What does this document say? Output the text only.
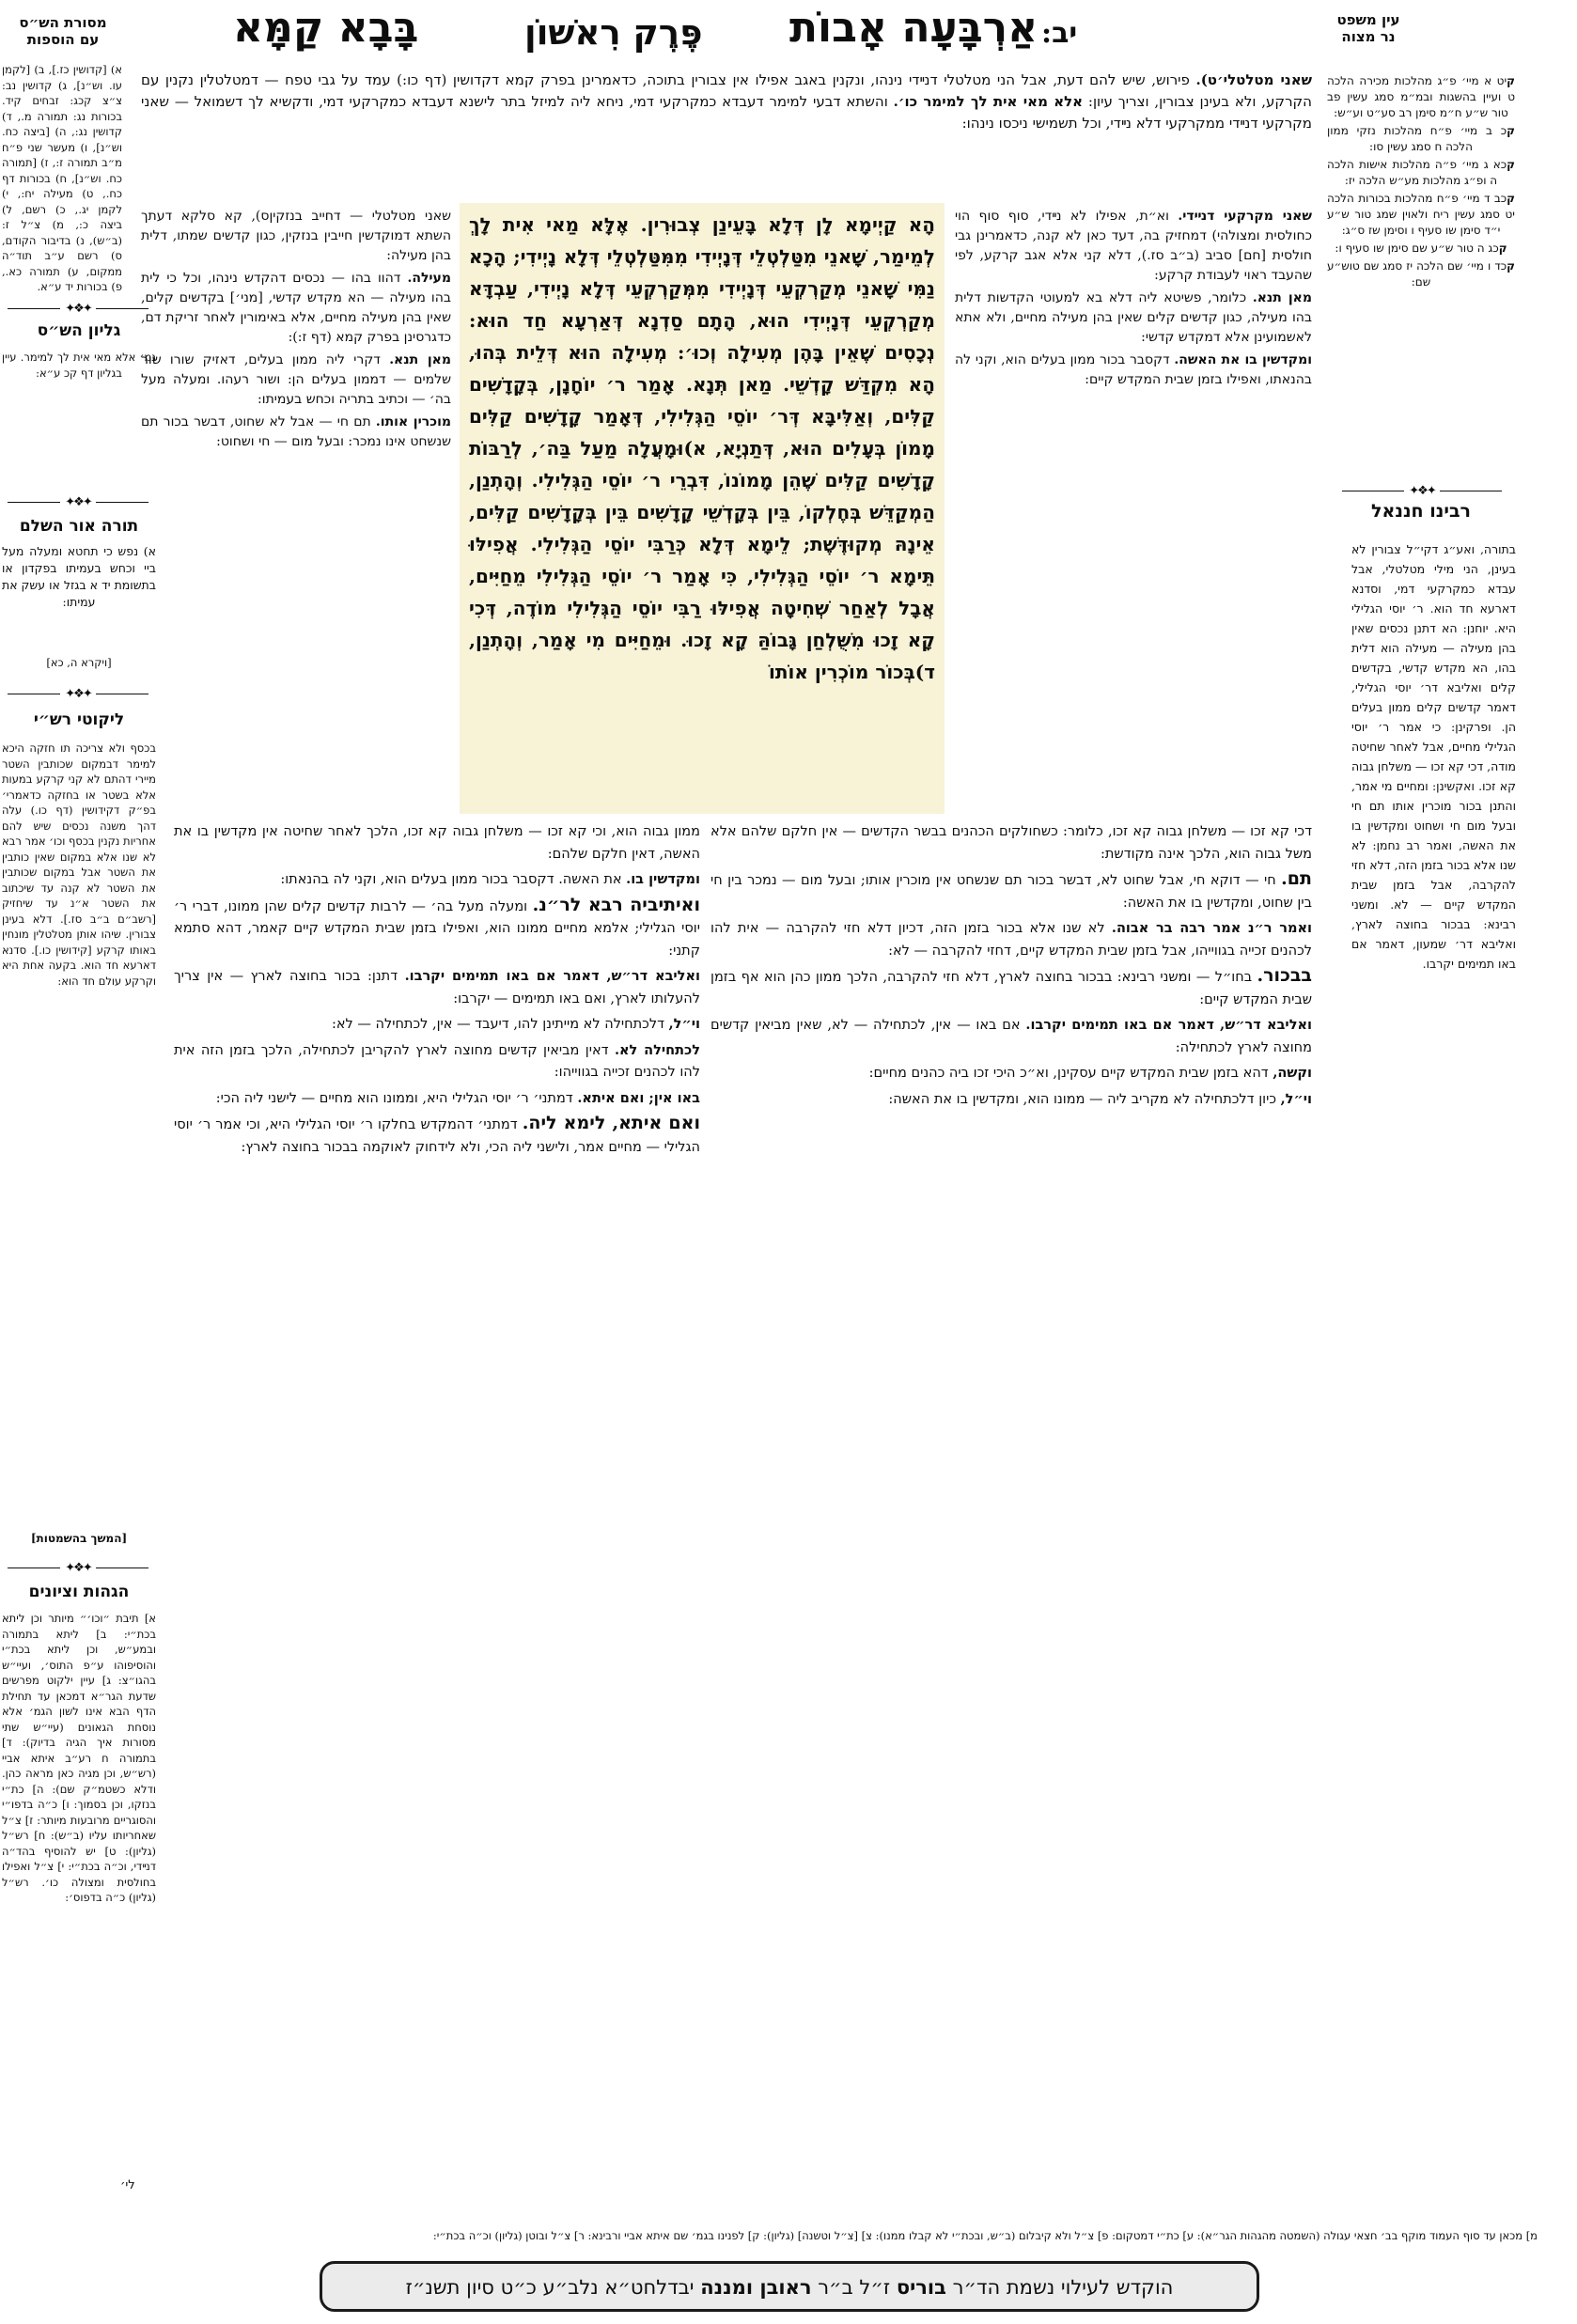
עין משפט
נר מצוה
יב:
אַרְבָּעָה אָבוֹת
פֶּרֶק רִאשׁוֹן
בָּבָא קַמָּא
קיט א מיי׳ פ״ג מהלכות מכירה הלכה ט ועיין בהשגות ובמ״מ סמג עשין פב טור ש״ע ח״מ סימן רב סע״ט וע״ש:
קכ ב מיי׳ פ״ח מהלכות נזקי ממון הלכה ח סמג עשין סו:
קכא ג מיי׳ פ״ה מהלכות אישות הלכה ה ופ״ג מהלכות מע״ש הלכה יז:
קכב ד מיי׳ פ״ח מהלכות בכורות הלכה יט סמג עשין ריח ולאוין שמג טור ש״ע י״ד סימן שו סעיף ו וסימן שז ס״ג:
קכג ה טור ש״ע שם סימן שו סעיף ו:
קכד ו מיי׳ שם הלכה יז סמג שם טוש״ע שם:
✦❖✦
רבינו חננאל
בתורה, ואע״ג דקי״ל צבורין לא בעינן, הני מילי מטלטלי, אבל עבדא כמקרקעי דמי, וסדנא דארעא חד הוא. ר׳ יוסי הגלילי היא. יוחנן: הא דתנן נכסים שאין בהן מעילה — מעילה הוא דלית בהו, הא מקדש קדשי, בקדשים קלים ואליבא דר׳ יוסי הגלילי, דאמר קדשים קלים ממון בעלים הן. ופרקינן: כי אמר ר׳ יוסי הגלילי מחיים, אבל לאחר שחיטה מודה, דכי קא זכו — משלחן גבוה קא זכו. ואקשינן: ומחיים מי אמר, והתנן בכור מוכרין אותו תם חי ובעל מום חי ושחוט ומקדשין בו את האשה, ואמר רב נחמן: לא שנו אלא בכור בזמן הזה, דלא חזי להקרבה, אבל בזמן שבית המקדש קיים — לא. ומשני רבינא: בבכור בחוצה לארץ, ואליבא דר׳ שמעון, דאמר אם באו תמימים יקרבו.
מסורת הש״ס
עם הוספות
א) [קדושין כז.], ב) [לקמן עו. וש״נ], ג) קדושין נב: צ״צ קכג: זבחים קיד. בכורות נג: תמורה מ., ד) קדושין נג:, ה) [ביצה כח. וש״נ], ו) מעשר שני פ״ח מ״ב תמורה ז:, ז) [תמורה כח. וש״נ], ח) בכורות דף כח., ט) מעילה יח:, י) לקמן יג., כ) רשם, ל) ביצה כ:, מ) צ״ל ז: (ב״ש), נ) בדיבור הקודם, ס) רשם ע״ב תוד״ה ממקום, ע) תמורה כא., פ) בכורות יד ע״א.
✦❖✦
גליון הש״ס
גמ׳ אלא מאי אית לך למימר. עיין בגליון דף קכ ע״א:
✦❖✦
תורה אור השלם
א) נפש כי תחטא ומעלה מעל ביי וכחש בעמיתו בפקדון או בתשומת יד א בגזל או עשק את עמיתו:
[ויקרא ה, כא]
✦❖✦
ליקוטי רש״י
בכסף ולא צריכה תו חזקה היכא למימר דבמקום שכותבין השטר מיירי דהתם לא קני קרקע במעות אלא בשטר או בחזקה כדאמרי׳ בפ״ק דקידושין (דף כו.) עלה דהך משנה נכסים שיש להם אחריות נקנין בכסף וכו׳ אמר רבא לא שנו אלא במקום שאין כותבין את השטר אבל במקום שכותבין את השטר לא קנה עד שיכתוב את השטר א״נ עד שיחזיק [רשב״ם ב״ב סז.]. דלא בעינן צבורין. שיהו אותן מטלטלין מונחין באותו קרקע [קידושין כו.]. סדנא דארעא חד הוא. בקעה אחת היא וקרקע עולם חד הוא:
[המשך בהשמטות]
✦❖✦
הגהות וציונים
א] תיבת ״וכו׳״ מיותר וכן ליתא בכת״י: ב] ליתא בתמורה ובמע״ש, וכן ליתא בכת״י והוסיפוהו ע״פ התוס׳, ועיי״ש בהגו״צ: ג] עיין ילקוט מפרשים שדעת הגר״א דמכאן עד תחילת הדף הבא אינו לשון הגמ׳ אלא נוסחת הגאונים (עיי״ש שתי מסורות איך הגיה בדיוק): ד] בתמורה ח רע״ב איתא אביי (רש״ש, וכן מגיה כאן מראה כהן. ודלא כשטמ״ק שם): ה] כת״י בנזקו, וכן בסמוך: ו] כ״ה בדפו״י והסוגריים מרובעות מיותר: ז] צ״ל שאחריותו עליו (ב״ש): ח] רש״ל (גליון): ט] יש להוסיף בהד״ה דנײדי, וכ״ה בכת״י: י] צ״ל ואפילו בחולסית ומצולה כו׳. רש״ל (גליון) כ״ה בדפוס׳:
שאני מטלטלי׳ט). פירוש, שיש להם דעת, אבל הני מטלטלי דנײדי נינהו, ונקנין באגב אפילו אין צבורין בתוכה, כדאמרינן בפרק קמא דקדושין (דף כו:) עמד על גבי טפח — דמטלטלין נקנין עם הקרקע, ולא בעינן צבורין, וצריך עיון: אלא מאי אית לך למימר כו׳. והשתא דבעי למימר דעבדא כמקרקעי דמי, ניחא ליה למיזל בתר לישנא דעבדא כמקרקעי דמי, ודקשיא לך דשמואל — שאני מקרקעי דנײדי ממקרקעי דלא נײדי, וכל תשמישי ניכסו נינהו:

שאני מטלטלי — דחייב בנזקיןס), קא סלקא דעתך השתא דמוקדשין חייבין בנזקין, כגון קדשים שמתו, דלית בהן מעילה:

מעילה. דהוו בהו — נכסים דהקדש נינהו, וכל כי לית בהו מעילה — הא מקדש קדשי, [מני׳] בקדשים קלים, שאין בהן מעילה מחיים, אלא באימורין לאחר זריקת דם, כדגרסינן בפרק קמא (דף ז:):

מאן תנא. דקרי ליה ממון בעלים, דאזיק שורו שור שלמים — דממון בעלים הן: ושור רעהו. ומעלה מעל בה׳ — וכתיב בתריה וכחש בעמיתו:

מוכרין אותו. תם חי — אבל לא שחוט, דבשר בכור תם שנשחט אינו נמכר: ובעל מום — חי ושחוט:

הָא קַיְימָא לָן דְּלָא בָּעֵינַן צְבוּרִין. אֶלָּא מַאי אִית לָךְ לְמֵימַר, שָׁאנֵי מִטַּלְטְלֵי דְּנָיְידִי מִמִּטַּלְטְלֵי דְּלָא נָיְידִי; הָכָא נַמִּי שָׁאנֵי מְקַרְקְעֵי דְּנָיְידִי מִמְּקַרְקְעֵי דְּלָא נָיְידִי, עַבְדָּא מְקַרְקְעֵי דְּנָיְידִי הוּא, הָתָם סַדְנָא דְּאַרְעָא חַד הוּא: נְכָסִים שֶׁאֵין בָּהֶן מְעִילָה וְכוּ׳: מְעִילָה הוּא דְּלֵית בְּהוּ, הָא מִקְדַּשׁ קָדְשֵׁי. מַאן תְּנָא. אָמַר ר׳ יוֹחָנָן, בְּקָדָשִׁים קַלִּים, וְאַלִּיבָּא דְּר׳ יוֹסֵי הַגְּלִילִי, דְּאָמַר קָדָשִׁים קַלִּים מָמוֹן בְּעָלִים הוּא, דְּתַנְיָא, א)וּמָעֲלָה מַעַל בַּה׳, לְרַבּוֹת קָדָשִׁים קַלִּים שֶׁהֵן מָמוֹנוֹ, דִּבְרֵי ר׳ יוֹסֵי הַגְּלִילִי. וְהָתְנַן, הַמְקַדֵּשׁ בְּחֶלְקוֹ, בֵּין בְּקָדְשֵׁי קָדָשִׁים בֵּין בְּקָדָשִׁים קַלִּים, אֵינָהּ מְקוּדֶּשֶׁת; לֵימָא דְּלָא כְּרַבִּי יוֹסֵי הַגְּלִילִי. אֲפִילּוּ תֵּימָא ר׳ יוֹסֵי הַגְּלִילִי, כִּי אָמַר ר׳ יוֹסֵי הַגְּלִילִי מֵחַיִּים, אֲבָל לְאַחַר שְׁחִיטָה אֲפִילּוּ רַבִּי יוֹסֵי הַגְּלִילִי מוֹדֶה, דְּכִי קָא זָכוּ מִשֻּׁלְחַן גָּבוֹהַּ קָא זָכוּ. וּמֵחַיִּים מִי אָמַר, וְהָתְנַן, ד)בְּכוֹר מוֹכְרִין אוֹתוֹ

שאני מקרקעי דנײדי. וא״ת, אפילו לא נײדי, סוף סוף הוי כחולסית ומצולהי) דמחזיק בה, דעד כאן לא קנה, כדאמרינן גבי חולסית [חם] סביב (ב״ב סז.), דלא קני אלא אגב קרקע, לפי שהעבד ראוי לעבודת קרקע:

מאן תנא. כלומר, פשיטא ליה דלא בא למעוטי הקדשות דלית בהו מעילה, כגון קדשים קלים שאין בהן מעילה מחיים, ולא אתא לאשמועינן אלא דמקדש קדשי:

ומקדשין בו את האשה. דקסבר בכור ממון בעלים הוא, וקני לה בהנאתו, ואפילו בזמן שבית המקדש קיים:

ממון גבוה הוא, וכי קא זכו — משלחן גבוה קא זכו, הלכך לאחר שחיטה אין מקדשין בו את האשה, דאין חלקם שלהם:

ומקדשין בו. את האשה. דקסבר בכור ממון בעלים הוא, וקני לה בהנאתו:

ואיתיביה רבא לר״נ. ומעלה מעל בה׳ — לרבות קדשים קלים שהן ממונו, דברי ר׳ יוסי הגלילי; אלמא מחיים ממונו הוא, ואפילו בזמן שבית המקדש קיים קאמר, דהא סתמא קתני:

ואליבא דר״ש, דאמר אם באו תמימים יקרבו. דתנן: בכור בחוצה לארץ — אין צריך להעלותו לארץ, ואם באו תמימים — יקרבו:

וי״ל, דלכתחילה לא מייתינן להו, דיעבד — אין, לכתחילה — לא:

לכתחילה לא. דאין מביאין קדשים מחוצה לארץ להקריבן לכתחילה, הלכך בזמן הזה אית להו לכהנים זכייה בגווייהו:

באו אין; ואם איתא. דמתני׳ ר׳ יוסי הגלילי היא, וממונו הוא מחיים — לישני ליה הכי:

ואם איתא, לימא ליה. דמתני׳ דהמקדש בחלקו ר׳ יוסי הגלילי היא, וכי אמר ר׳ יוסי הגלילי — מחיים אמר, ולישני ליה הכי, ולא לידחוק לאוקמה בבכור בחוצה לארץ:

דכי קא זכו — משלחן גבוה קא זכו, כלומר: כשחולקים הכהנים בבשר הקדשים — אין חלקם שלהם אלא משל גבוה הוא, הלכך אינה מקודשת:

תם. חי — דוקא חי, אבל שחוט לא, דבשר בכור תם שנשחט אין מוכרין אותו; ובעל מום — נמכר בין חי בין שחוט, ומקדשין בו את האשה:

ואמר ר״נ אמר רבה בר אבוה. לא שנו אלא בכור בזמן הזה, דכיון דלא חזי להקרבה — אית להו לכהנים זכייה בגווייהו, אבל בזמן שבית המקדש קיים, דחזי להקרבה — לא:

בבכור. בחו״ל — ומשני רבינא: בבכור בחוצה לארץ, דלא חזי להקרבה, הלכך ממון כהן הוא אף בזמן שבית המקדש קיים:

ואליבא דר״ש, דאמר אם באו תמימים יקרבו. אם באו — אין, לכתחילה — לא, שאין מביאין קדשים מחוצה לארץ לכתחילה:

וקשה, דהא בזמן שבית המקדש קיים עסקינן, וא״כ היכי זכו ביה כהנים מחיים:

וי״ל, כיון דלכתחילה לא מקריב ליה — ממונו הוא, ומקדשין בו את האשה:

לי׳
מ] מכאן עד סוף העמוד מוקף בב׳ חצאי עגולה (השמטה מהגהות הגר״א): ע] כת״י דמטקום: פ] צ״ל ולא קיבלום (ב״ש, ובכת״י לא קבלו ממנו): צ] [צ״ל וטשנה] (גליון): ק] לפנינו בגמ׳ שם איתא אביי ורבינא: ר] צ״ל ובוטן (גליון) וכ״ה בכת״י:
הוקדש לעילוי נשמת הד״ר בוריס ז״ל ב״ר ראובן ומננה יבדלחט״א נלב״ע כ״ט סיון תשנ״ז
